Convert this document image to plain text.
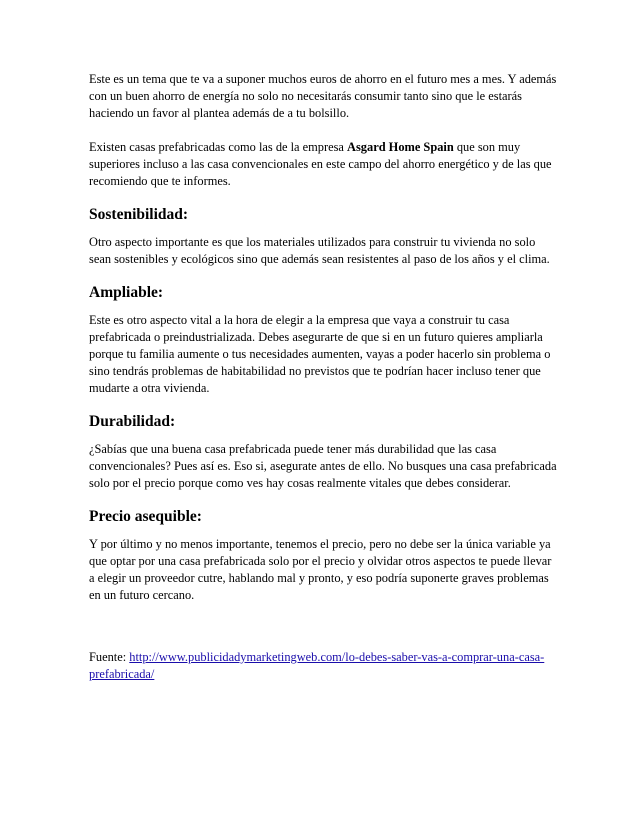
Este es un tema que te va a suponer muchos euros de ahorro en el futuro mes a mes. Y además con un buen ahorro de energía no solo no necesitarás consumir tanto sino que le estarás haciendo un favor al plantea además de a tu bolsillo.

Existen casas prefabricadas como las de la empresa Asgard Home Spain que son muy superiores incluso a las casa convencionales en este campo del ahorro energético y de las que recomiendo que te informes.

Sostenibilidad:

Otro aspecto importante es que los materiales utilizados para construir tu vivienda no solo sean sostenibles y ecológicos sino que además sean resistentes al paso de los años y el clima.

Ampliable:

Este es otro aspecto vital a la hora de elegir a la empresa que vaya a construir tu casa prefabricada o preindustrializada. Debes asegurarte de que si en un futuro quieres ampliarla porque tu familia aumente o tus necesidades aumenten, vayas a poder hacerlo sin problema o sino tendrás problemas de habitabilidad no previstos que te podrían hacer incluso tener que mudarte a otra vivienda.

Durabilidad:

¿Sabías que una buena casa prefabricada puede tener más durabilidad que las casa convencionales? Pues así es. Eso si, asegurate antes de ello. No busques una casa prefabricada solo por el precio porque como ves hay cosas realmente vitales que debes considerar.

Precio asequible:

Y por último y no menos importante, tenemos el precio, pero no debe ser la única variable ya que optar por una casa prefabricada solo por el precio y olvidar otros aspectos te puede llevar a elegir un proveedor cutre, hablando mal y pronto, y eso podría suponerte graves problemas en un futuro cercano.

Fuente: http://www.publicidadymarketingweb.com/lo-debes-saber-vas-a-comprar-una-casa-prefabricada/
